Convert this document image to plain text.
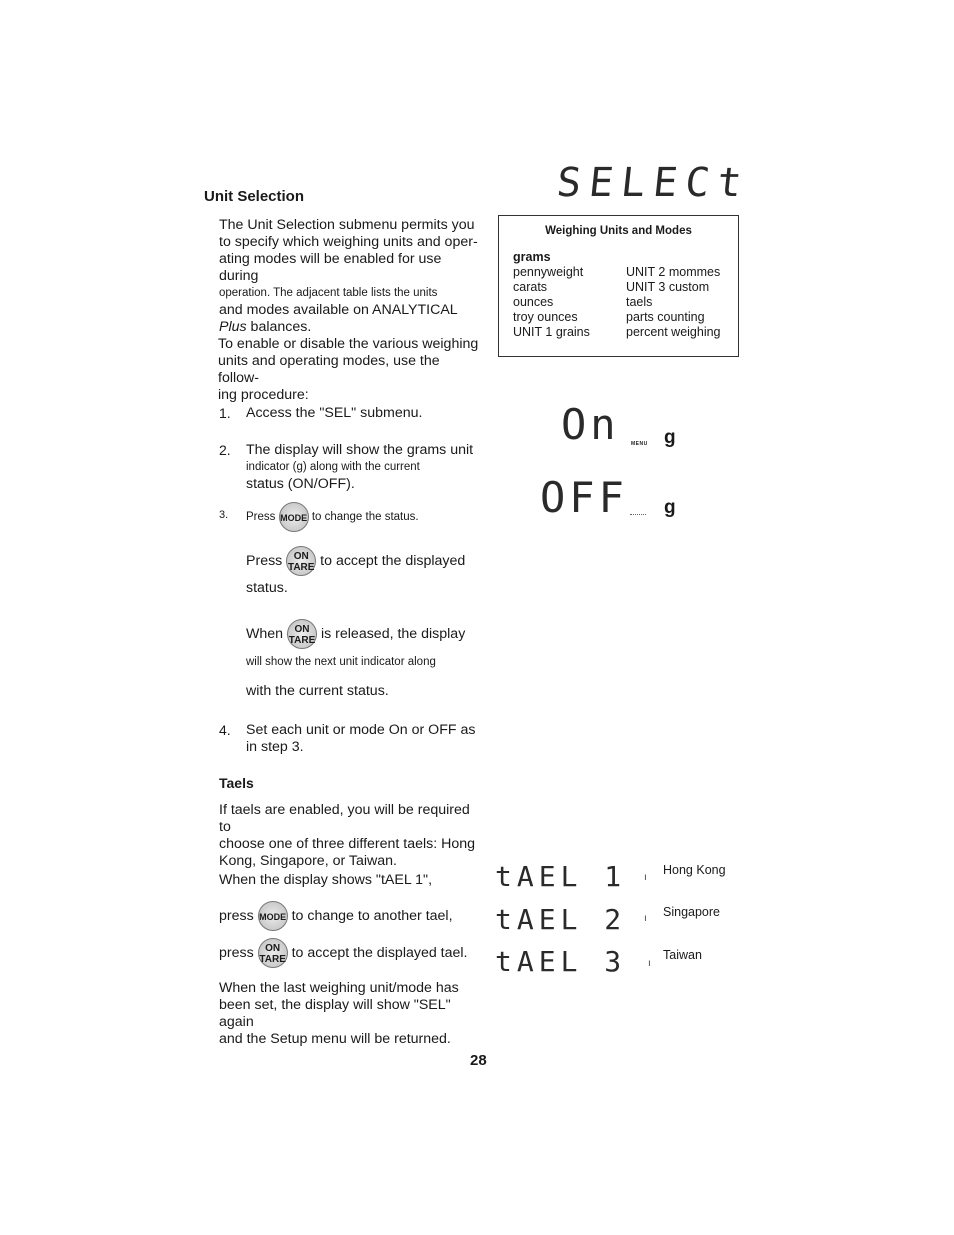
Unit Selection	SELECt
The Unit Selection submenu permits you
to specify which weighing units and oper-
ating modes will be enabled for use during
operation. The adjacent table lists the units
and modes available on ANALYTICAL
Plus balances.
To enable or disable the various weighing
units and operating modes, use the follow-
ing procedure:
Weighing Units and Modes
grams
pennyweight
carats
ounces
troy ounces
UNIT 1 grains
UNIT 2 mommes
UNIT 3 custom
taels
parts counting
percent weighing
1. Access the "SEL" submenu.
2. The display will show the grams unit
indicator (g) along with the current
status (ON/OFF).
3. Press MODE to change the status.
Press ON
TARE to accept the displayed
status.
When ON
TARE is released, the display
will show the next unit indicator along
with the current status.
4. Set each unit or mode On or OFF as
in step 3.
On MENU g
OFF g
Taels
If taels are enabled, you will be required to
choose one of three different taels: Hong
Kong, Singapore, or Taiwan.
When the display shows "tAEL 1",
press MODE to change to another tael,
press ON
TARE to accept the displayed tael.
When the last weighing unit/mode has
been set, the display will show "SEL" again
and the Setup menu will be returned.
tAEL 1 ı
Hong Kong
tAEL 2 ı Singapore
tAEL 3 ı
Taiwan
28
